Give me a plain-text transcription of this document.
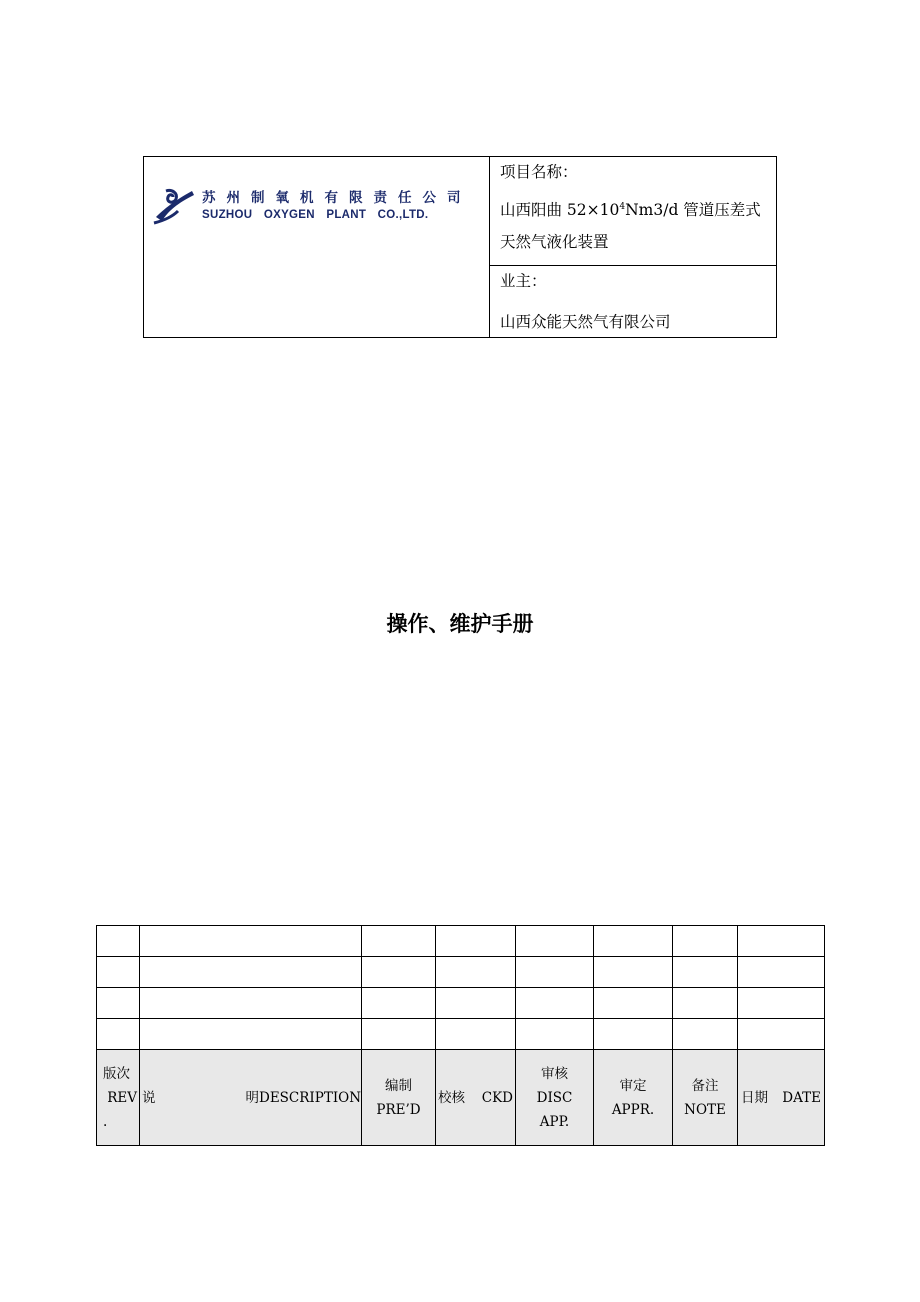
苏州制氧机有限责任公司
SUZHOU OXYGEN PLANT CO.,LTD.
项目名称：
山西阳曲 $52\times 10^4Nm3/d$ 管道压差式天然气液化装置
业主：
山西众能天然气有限公司
操作、维护手册

版次
REV
.	说 明 DESCRIPTION	编制
PRE’D	校核 CKD	审核
DISC
APP.	审定
APPR.	备注
NOTE	日期 DATE
